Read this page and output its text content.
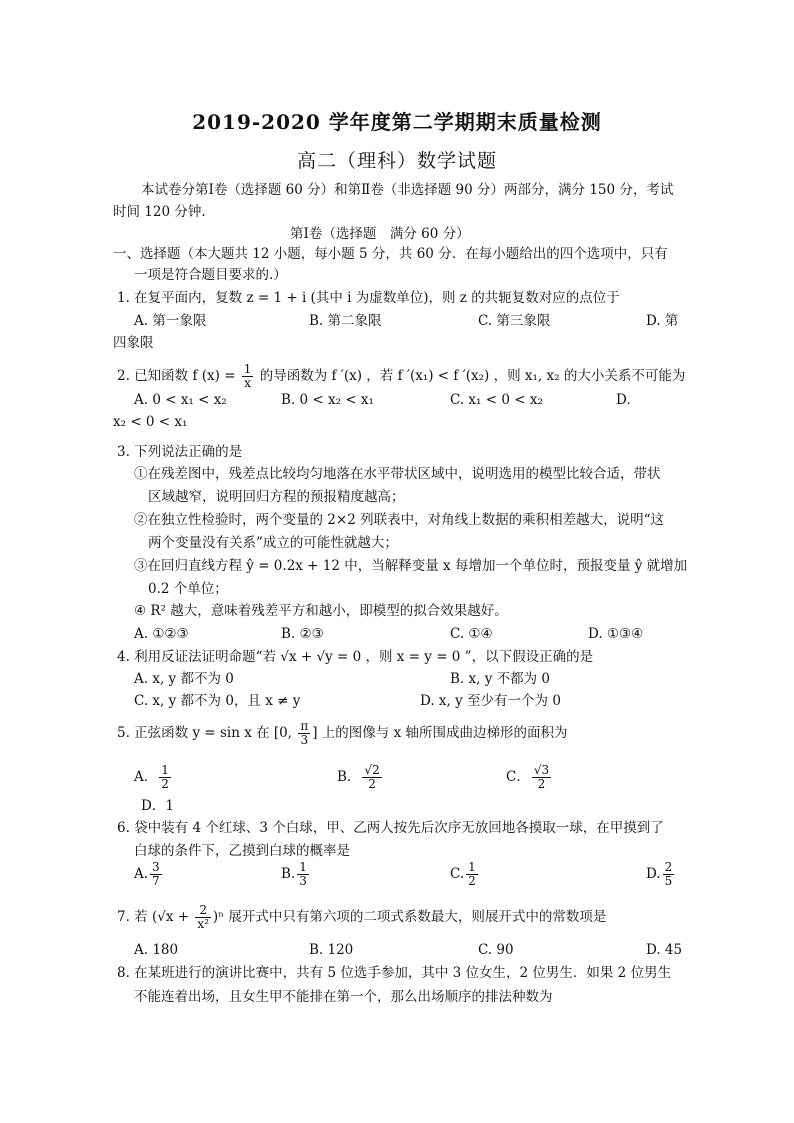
2019-2020 学年度第二学期期末质量检测
高二（理科）数学试题
本试卷分第Ⅰ卷（选择题 60 分）和第Ⅱ卷（非选择题 90 分）两部分，满分 150 分，考试
时间 120 分钟.
第Ⅰ卷（选择题　满分 60 分）
一、选择题（本大题共 12 小题，每小题 5 分，共 60 分．在每小题给出的四个选项中，只有
一项是符合题目要求的.）
1. 在复平面内，复数 z = 1 + i (其中 i 为虚数单位)，则 z 的共轭复数对应的点位于
A. 第一象限	B. 第二象限	C. 第三象限	D. 第
四象限
2. 已知函数 f $(x) = \frac{1}{x}$ 的导函数为 f ′(x) ，若 f ′(x₁) < f ′(x₂) ，则 x₁, x₂ 的大小关系不可能为
A. 0 < x₁ < x₂	B. 0 < x₂ < x₁	C. x₁ < 0 < x₂	D.
x₂ < 0 < x₁
3. 下列说法正确的是
①在残差图中，残差点比较均匀地落在水平带状区域中，说明选用的模型比较合适，带状
区域越窄，说明回归方程的预报精度越高；
②在独立性检验时，两个变量的 2×2 列联表中，对角线上数据的乘积相差越大，说明“这
两个变量没有关系”成立的可能性就越大；
③在回归直线方程 ŷ = 0.2x + 12 中，当解释变量 x 每增加一个单位时，预报变量 ŷ 就增加
0.2 个单位；
④ R² 越大，意味着残差平方和越小，即模型的拟合效果越好。
A. ①②③	B. ②③	C. ①④	D. ①③④
4. 利用反证法证明命题“若 √x + √y = 0 ，则 x = y = 0 ”，以下假设正确的是
A. x, y 都不为 0	B. x, y 不都为 0
C. x, y 都不为 0，且 x ≠ y	D. x, y 至少有一个为 0
5. 正弦函数 y = sin x 在 [0, $\frac{\pi}{3}$ ] 上的图像与 x 轴所围成曲边梯形的面积为
A． $\frac{1}{2}$	B． $\frac{√2}{2}$	C． $\frac{√3}{2}$
D．1
6. 袋中装有 4 个红球、3 个白球，甲、乙两人按先后次序无放回地各摸取一球，在甲摸到了
白球的条件下，乙摸到白球的概率是
A. $\frac{3}{7}$	B. $\frac{1}{3}$	C. $\frac{1}{2}$	D. $\frac{2}{5}$
7. 若 $(√x + \frac{2}{\text{x²}} )^n$ 展开式中只有第六项的二项式系数最大，则展开式中的常数项是
A. 180	B. 120	C. 90	D. 45
8. 在某班进行的演讲比赛中，共有 5 位选手参加，其中 3 位女生，2 位男生．如果 2 位男生
不能连着出场，且女生甲不能排在第一个，那么出场顺序的排法种数为
